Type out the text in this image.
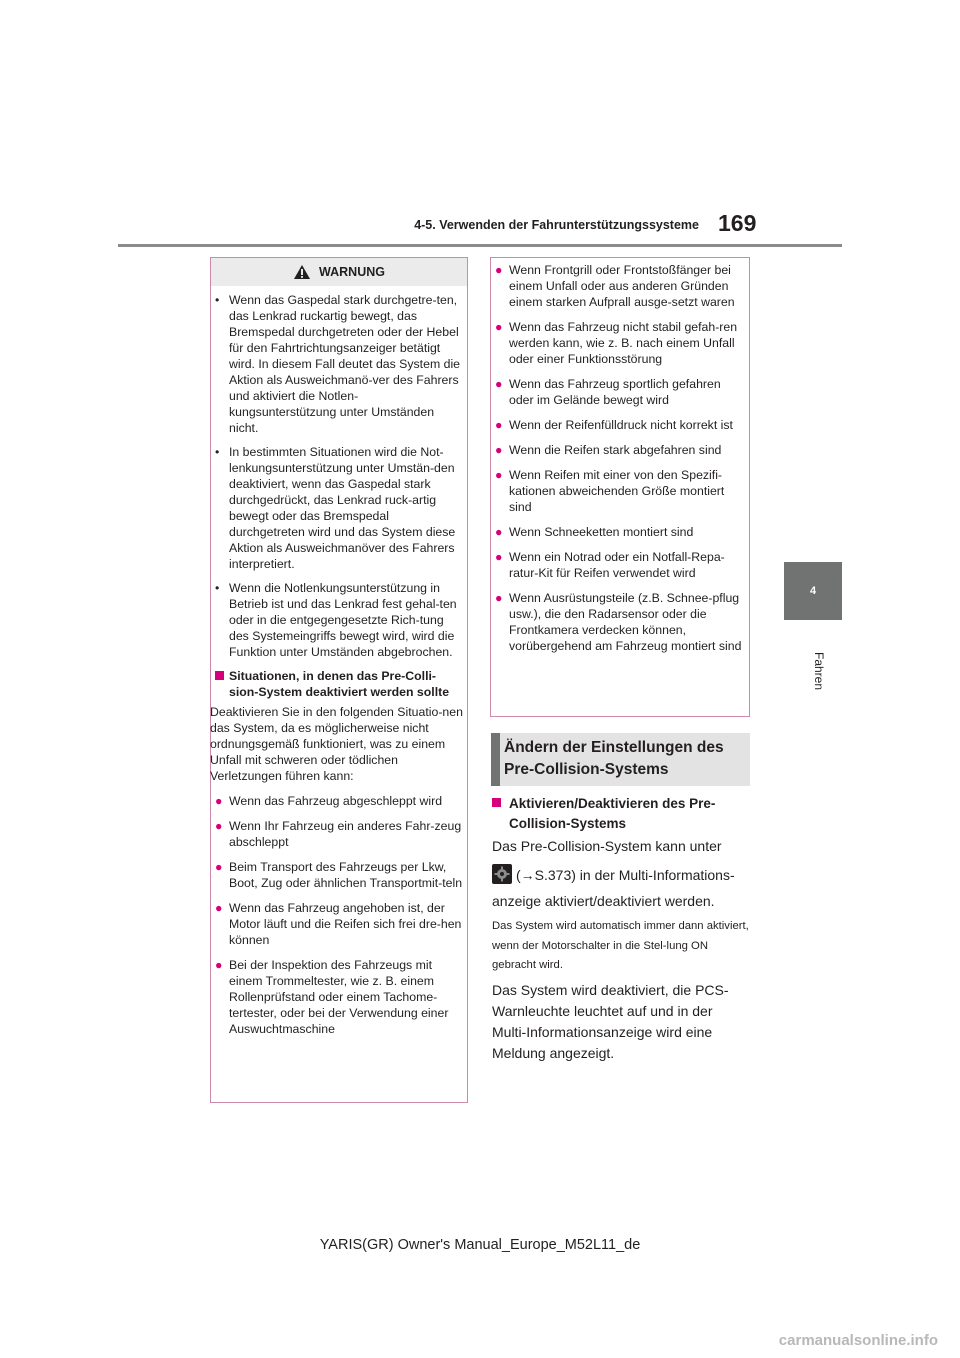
4-5. Verwenden der Fahrunterstützungssysteme 169
4
Fahren
WARNUNG
• Wenn das Gaspedal stark durchgetre-ten, das Lenkrad ruckartig bewegt, das Bremspedal durchgetreten oder der Hebel für den Fahrtrichtungsanzeiger betätigt wird. In diesem Fall deutet das System die Aktion als Ausweichmanö-ver des Fahrers und aktiviert die Notlen-kungsunterstützung unter Umständen nicht.
• In bestimmten Situationen wird die Not-lenkungsunterstützung unter Umstän-den deaktiviert, wenn das Gaspedal stark durchgedrückt, das Lenkrad ruck-artig bewegt oder das Bremspedal durchgetreten wird und das System diese Aktion als Ausweichmanöver des Fahrers interpretiert.
• Wenn die Notlenkungsunterstützung in Betrieb ist und das Lenkrad fest gehal-ten oder in die entgegengesetzte Rich-tung des Systemeingriffs bewegt wird, wird die Funktion unter Umständen abgebrochen.
Situationen, in denen das Pre-Colli-sion-System deaktiviert werden sollte

Deaktivieren Sie in den folgenden Situatio-nen das System, da es möglicherweise nicht ordnungsgemäß funktioniert, was zu einem Unfall mit schweren oder tödlichen Verletzungen führen kann:

● Wenn das Fahrzeug abgeschleppt wird
● Wenn Ihr Fahrzeug ein anderes Fahr-zeug abschleppt
● Beim Transport des Fahrzeugs per Lkw, Boot, Zug oder ähnlichen Transportmit-teln
● Wenn das Fahrzeug angehoben ist, der Motor läuft und die Reifen sich frei dre-hen können
● Bei der Inspektion des Fahrzeugs mit einem Trommeltester, wie z. B. einem Rollenprüfstand oder einem Tachome-tertester, oder bei der Verwendung einer Auswuchtmaschine
● Wenn Frontgrill oder Frontstoßfänger bei einem Unfall oder aus anderen Gründen einem starken Aufprall ausge-setzt waren
● Wenn das Fahrzeug nicht stabil gefah-ren werden kann, wie z. B. nach einem Unfall oder einer Funktionsstörung
● Wenn das Fahrzeug sportlich gefahren oder im Gelände bewegt wird
● Wenn der Reifenfülldruck nicht korrekt ist
● Wenn die Reifen stark abgefahren sind
● Wenn Reifen mit einer von den Spezifi-kationen abweichenden Größe montiert sind
● Wenn Schneeketten montiert sind
● Wenn ein Notrad oder ein Notfall-Repa-ratur-Kit für Reifen verwendet wird
● Wenn Ausrüstungsteile (z.B. Schnee-pflug usw.), die den Radarsensor oder die Frontkamera verdecken können, vorübergehend am Fahrzeug montiert sind
Ändern der Einstellungen des Pre-Collision-Systems
Aktivieren/Deaktivieren des Pre-Collision-Systems
Das Pre-Collision-System kann unter
(→S.373) in der Multi-Informations-
anzeige aktiviert/deaktiviert werden.
Das System wird automatisch immer dann aktiviert, wenn der Motorschalter in die Stel-lung ON gebracht wird.
Das System wird deaktiviert, die PCS-Warnleuchte leuchtet auf und in der Multi-Informationsanzeige wird eine Meldung angezeigt.
YARIS(GR) Owner's Manual_Europe_M52L11_de
carmanualsonline.info
